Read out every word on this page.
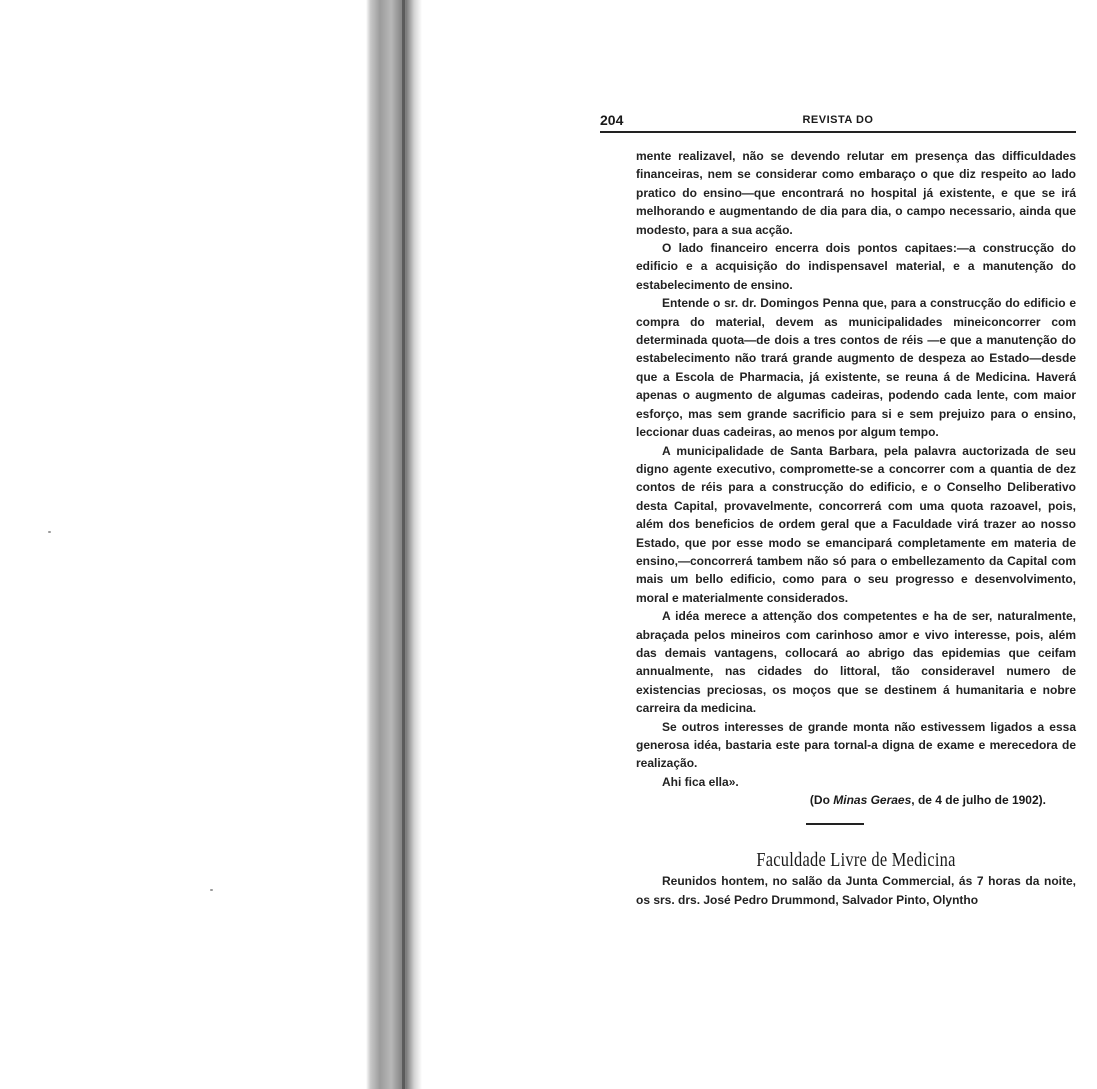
204	REVISTA DO

mente realizavel, não se devendo relutar em presença das difficuldades financeiras, nem se considerar como embaraço o que diz respeito ao lado pratico do ensino—que encontrará no hospital já existente, e que se irá melhorando e augmentando de dia para dia, o campo necessario, ainda que modesto, para a sua acção.

O lado financeiro encerra dois pontos capitaes:—a construcção do edificio e a acquisição do indispensavel material, e a manutenção do estabelecimento de ensino.

Entende o sr. dr. Domingos Penna que, para a construcção do edificio e compra do material, devem as municipalidades mineiconcorrer com determinada quota—de dois a tres contos de réis —e que a manutenção do estabelecimento não trará grande augmento de despeza ao Estado—desde que a Escola de Pharmacia, já existente, se reuna á de Medicina. Haverá apenas o augmento de algumas cadeiras, podendo cada lente, com maior esforço, mas sem grande sacrificio para si e sem prejuizo para o ensino, leccionar duas cadeiras, ao menos por algum tempo.

A municipalidade de Santa Barbara, pela palavra auctorizada de seu digno agente executivo, compromette-se a concorrer com a quantia de dez contos de réis para a construcção do edificio, e o Conselho Deliberativo desta Capital, provavelmente, concorrerá com uma quota razoavel, pois, além dos beneficios de ordem geral que a Faculdade virá trazer ao nosso Estado, que por esse modo se emancipará completamente em materia de ensino,—concorrerá tambem não só para o embellezamento da Capital com mais um bello edificio, como para o seu progresso e desenvolvimento, moral e materialmente considerados.

A idéa merece a attenção dos competentes e ha de ser, naturalmente, abraçada pelos mineiros com carinhoso amor e vivo interesse, pois, além das demais vantagens, collocará ao abrigo das epidemias que ceifam annualmente, nas cidades do littoral, tão consideravel numero de existencias preciosas, os moços que se destinem á humanitaria e nobre carreira da medicina.

Se outros interesses de grande monta não estivessem ligados a essa generosa idéa, bastaria este para tornal-a digna de exame e merecedora de realização.

Ahi fica ella».

(Do Minas Geraes, de 4 de julho de 1902).
Faculdade Livre de Medicina

Reunidos hontem, no salão da Junta Commercial, ás 7 horas da noite, os srs. drs. José Pedro Drummond, Salvador Pinto, Olyntho
